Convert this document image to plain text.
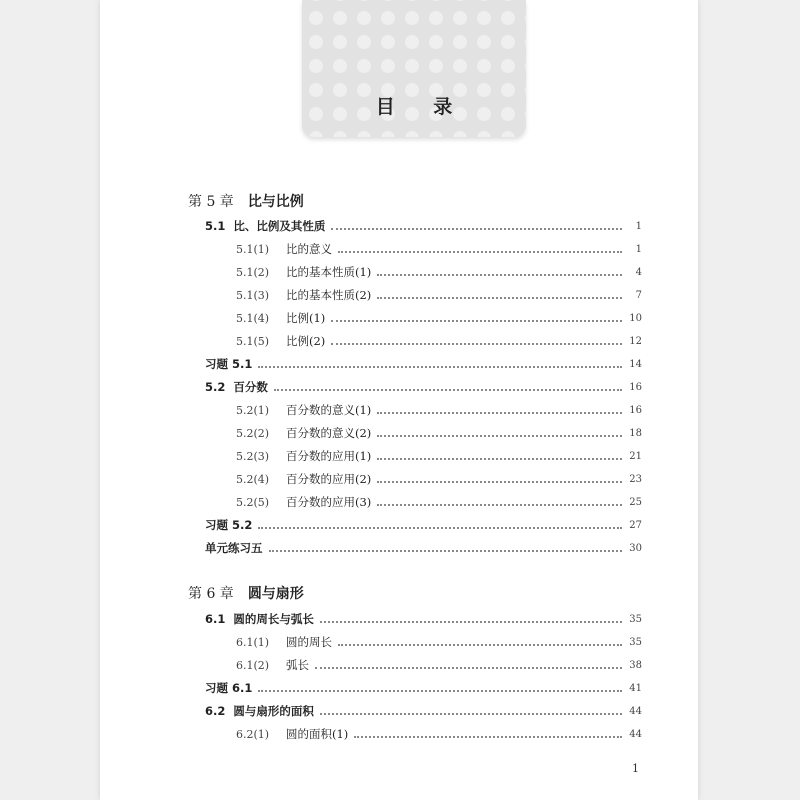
目 录
第 5 章 比与比例
5.1 比、比例及其性质	1
5.1(1)	比的意义	1
5.1(2)	比的基本性质(1)	4
5.1(3)	比的基本性质(2)	7
5.1(4)	比例(1)	10
5.1(5)	比例(2)	12
习题 5.1	14
5.2 百分数	16
5.2(1)	百分数的意义(1)	16
5.2(2)	百分数的意义(2)	18
5.2(3)	百分数的应用(1)	21
5.2(4)	百分数的应用(2)	23
5.2(5)	百分数的应用(3)	25
习题 5.2	27
单元练习五	30
第 6 章 圆与扇形
6.1 圆的周长与弧长	35
6.1(1)	圆的周长	35
6.1(2)	弧长	38
习题 6.1	41
6.2 圆与扇形的面积	44
6.2(1)	圆的面积(1)	44
1
